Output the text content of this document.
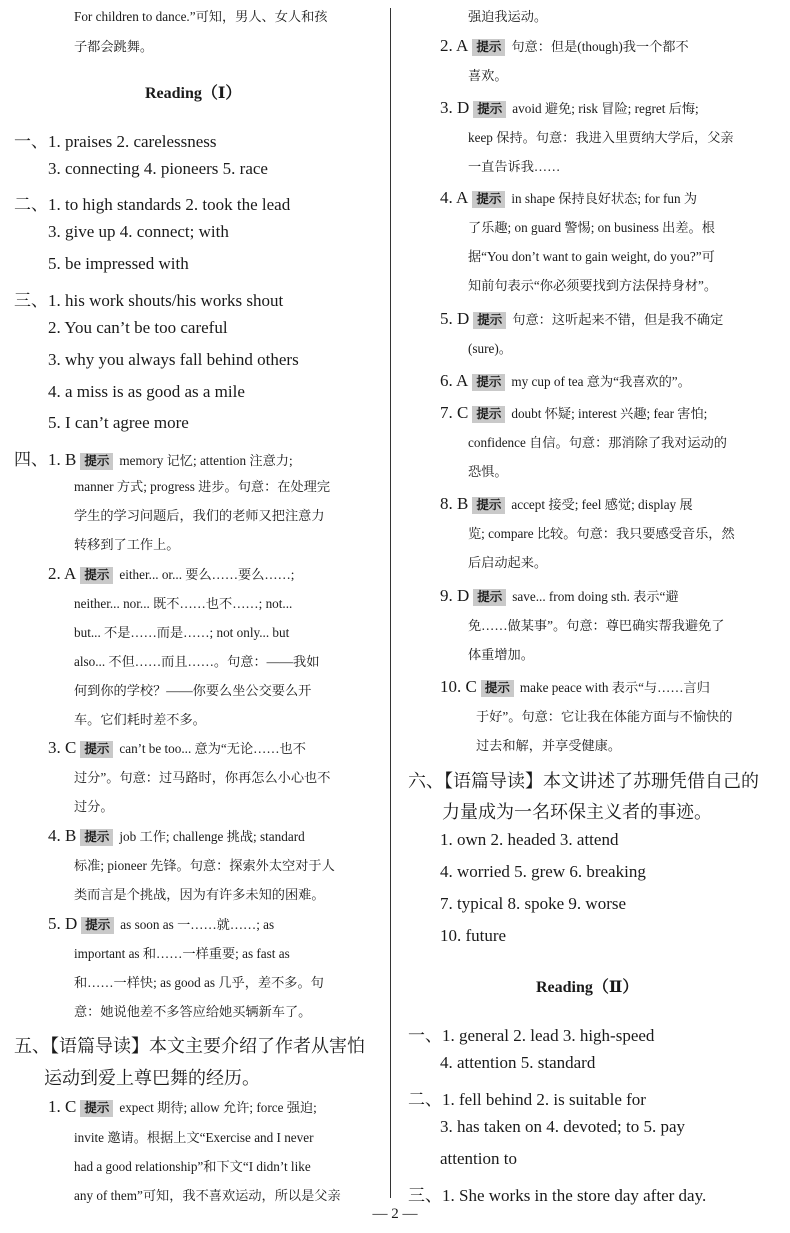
For children to dance.”可知，男人、女人和孩
子都会跳舞。
Reading（Ⅰ）
一、1. praises 2. carelessness
3. connecting 4. pioneers 5. race
二、1. to high standards 2. took the lead
3. give up 4. connect; with
5. be impressed with
三、1. his work shouts/his works shout
2. You can’t be too careful
3. why you always fall behind others
4. a miss is as good as a mile
5. I can’t agree more
四、1. B 提示 memory 记忆; attention 注意力;
manner 方式; progress 进步。句意：在处理完
学生的学习问题后，我们的老师又把注意力
转移到了工作上。
2. A 提示 either... or... 要么……要么……;
neither... nor... 既不……也不……; not...
but... 不是……而是……; not only... but
also... 不但……而且……。句意：——我如
何到你的学校？——你要么坐公交要么开
车。它们耗时差不多。
3. C 提示 can’t be too... 意为“无论……也不
过分”。句意：过马路时，你再怎么小心也不
过分。
4. B 提示 job 工作; challenge 挑战; standard
标准; pioneer 先锋。句意：探索外太空对于人
类而言是个挑战，因为有许多未知的困难。
5. D 提示 as soon as 一……就……; as
important as 和……一样重要; as fast as
和……一样快; as good as 几乎，差不多。句
意：她说他差不多答应给她买辆新车了。
五、【语篇导读】本文主要介绍了作者从害怕
运动到爱上尊巴舞的经历。
1. C 提示 expect 期待; allow 允许; force 强迫;
invite 邀请。根据上文“Exercise and I never
had a good relationship”和下文“I didn’t like
any of them”可知，我不喜欢运动，所以是父亲
强迫我运动。
2. A 提示 句意：但是(though)我一个都不
喜欢。
3. D 提示 avoid 避免; risk 冒险; regret 后悔;
keep 保持。句意：我进入里贾纳大学后，父亲
一直告诉我……
4. A 提示 in shape 保持良好状态; for fun 为
了乐趣; on guard 警惕; on business 出差。根
据“You don’t want to gain weight, do you?”可
知前句表示“你必须要找到方法保持身材”。
5. D 提示 句意：这听起来不错，但是我不确定
(sure)。
6. A 提示 my cup of tea 意为“我喜欢的”。
7. C 提示 doubt 怀疑; interest 兴趣; fear 害怕;
confidence 自信。句意：那消除了我对运动的
恐惧。
8. B 提示 accept 接受; feel 感觉; display 展
览; compare 比较。句意：我只要感受音乐，然
后启动起来。
9. D 提示 save... from doing sth. 表示“避
免……做某事”。句意：尊巴确实帮我避免了
体重增加。
10. C 提示 make peace with 表示“与……言归
于好”。句意：它让我在体能方面与不愉快的
过去和解，并享受健康。
六、【语篇导读】本文讲述了苏珊凭借自己的
力量成为一名环保主义者的事迹。
1. own 2. headed 3. attend
4. worried 5. grew 6. breaking
7. typical 8. spoke 9. worse
10. future
Reading（Ⅱ）
一、1. general 2. lead 3. high-speed
4. attention 5. standard
二、1. fell behind 2. is suitable for
3. has taken on 4. devoted; to 5. pay
attention to
三、1. She works in the store day after day.
— 2 —
